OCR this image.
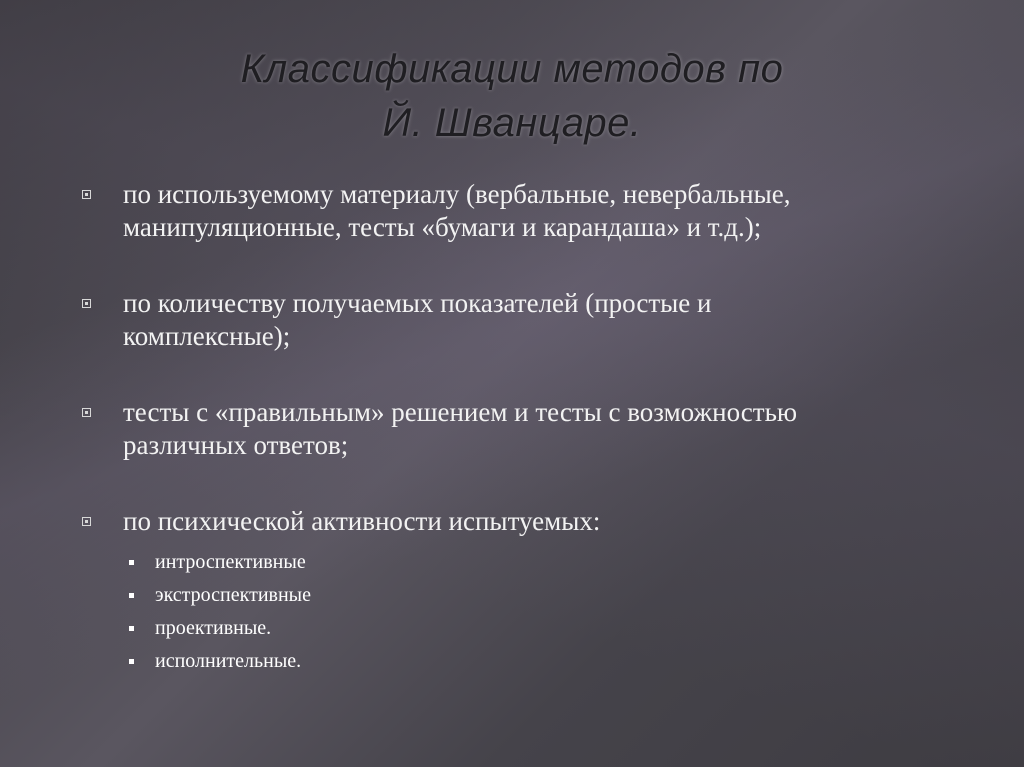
Классификации методов по
Й. Шванцаре.
по используемому материалу (вербальные, невербальные,
манипуляционные, тесты «бумаги и карандаша» и т.д.);
по количеству получаемых показателей (простые и
комплексные);
тесты с «правильным» решением и тесты с возможностью
различных ответов;
по психической активности испытуемых:
интроспективные
экстроспективные
проективные.
исполнительные.
